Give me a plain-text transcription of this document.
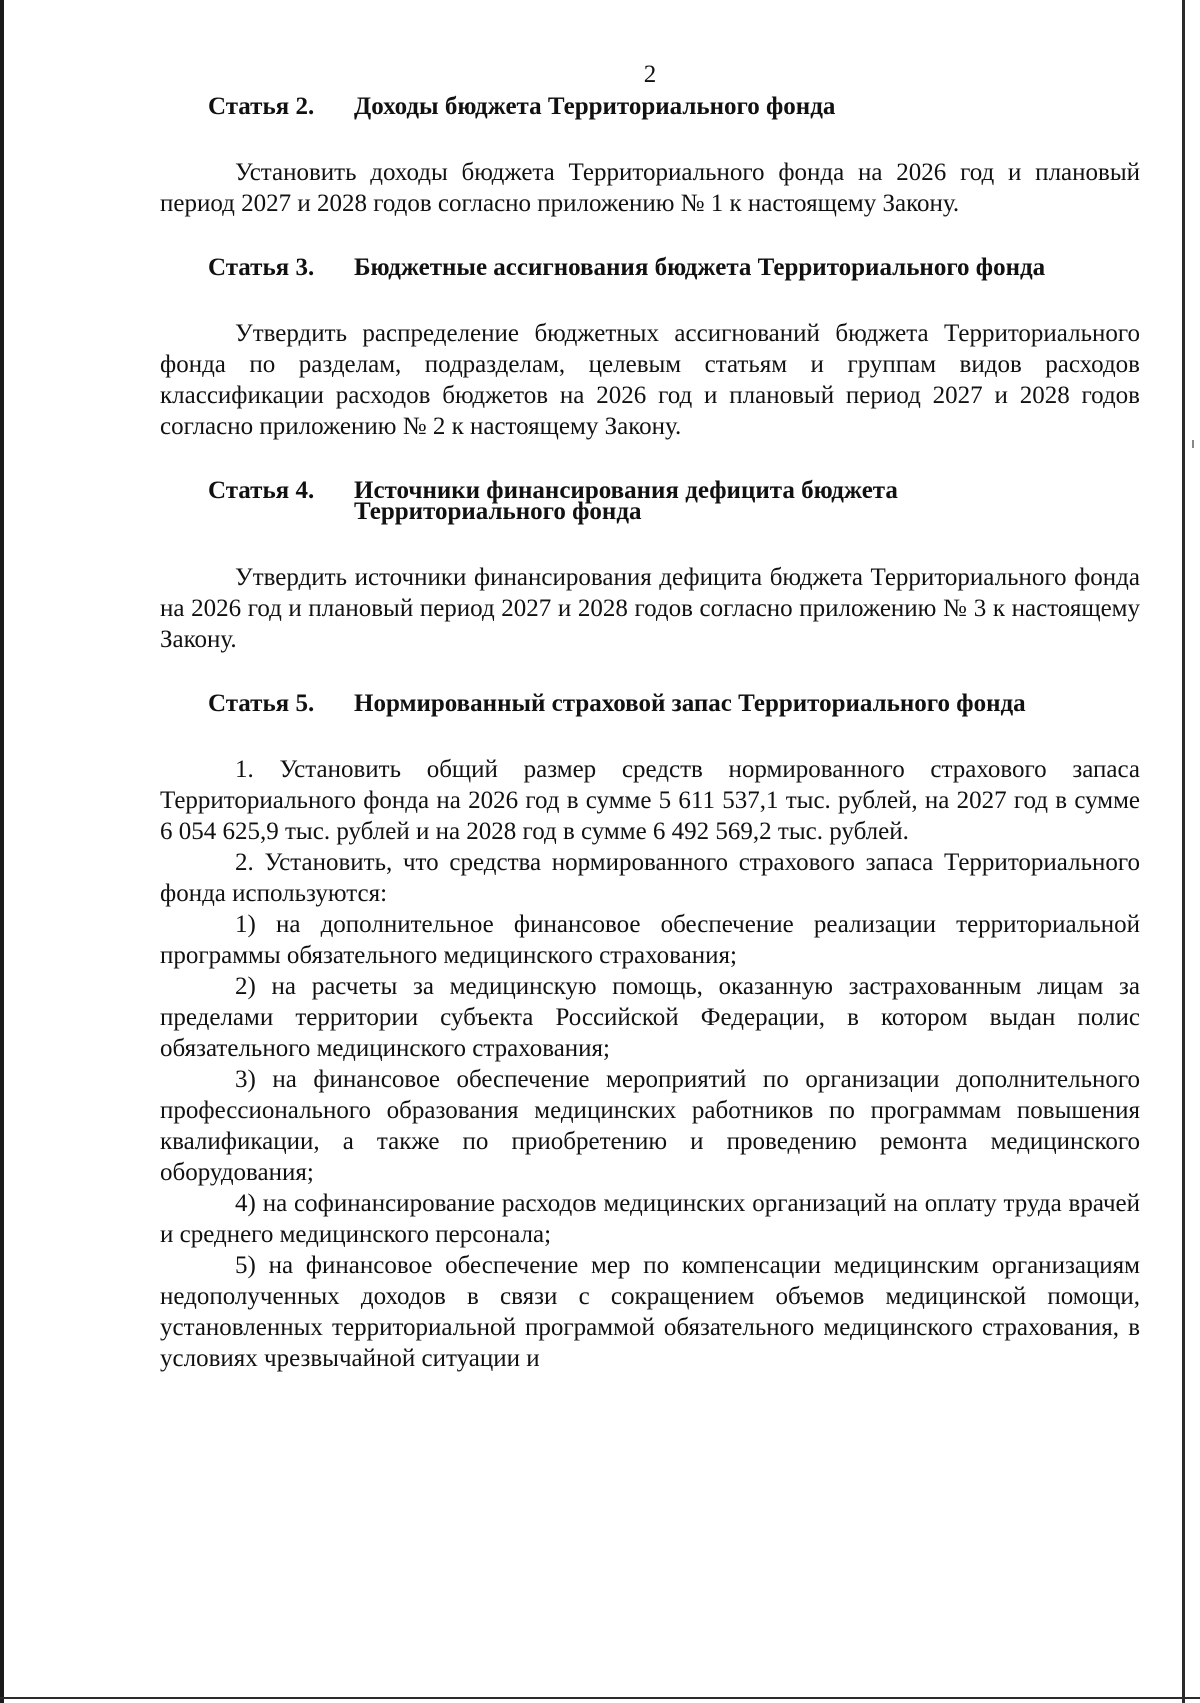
2
Статья 2.	Доходы бюджета Территориального фонда

Установить доходы бюджета Территориального фонда на 2026 год и плановый период 2027 и 2028 годов согласно приложению № 1 к настоящему Закону.

Статья 3.	Бюджетные ассигнования бюджета Территориального фонда

Утвердить распределение бюджетных ассигнований бюджета Территориального фонда по разделам, подразделам, целевым статьям и группам видов расходов классификации расходов бюджетов на 2026 год и плановый период 2027 и 2028 годов согласно приложению № 2 к настоящему Закону.

Статья 4.	Источники финансирования дефицита бюджета Территориального фонда

Утвердить источники финансирования дефицита бюджета Территориального фонда на 2026 год и плановый период 2027 и 2028 годов согласно приложению № 3 к настоящему Закону.

Статья 5.	Нормированный страховой запас Территориального фонда

1. Установить общий размер средств нормированного страхового запаса Территориального фонда на 2026 год в сумме 5 611 537,1 тыс. рублей, на 2027 год в сумме 6 054 625,9 тыс. рублей и на 2028 год в сумме 6 492 569,2 тыс. рублей.

2. Установить, что средства нормированного страхового запаса Территориального фонда используются:

1) на дополнительное финансовое обеспечение реализации территориальной программы обязательного медицинского страхования;

2) на расчеты за медицинскую помощь, оказанную застрахованным лицам за пределами территории субъекта Российской Федерации, в котором выдан полис обязательного медицинского страхования;

3) на финансовое обеспечение мероприятий по организации дополнительного профессионального образования медицинских работников по программам повышения квалификации, а также по приобретению и проведению ремонта медицинского оборудования;

4) на софинансирование расходов медицинских организаций на оплату труда врачей и среднего медицинского персонала;

5) на финансовое обеспечение мер по компенсации медицинским организациям недополученных доходов в связи с сокращением объемов медицинской помощи, установленных территориальной программой обязательного медицинского страхования, в условиях чрезвычайной ситуации и
